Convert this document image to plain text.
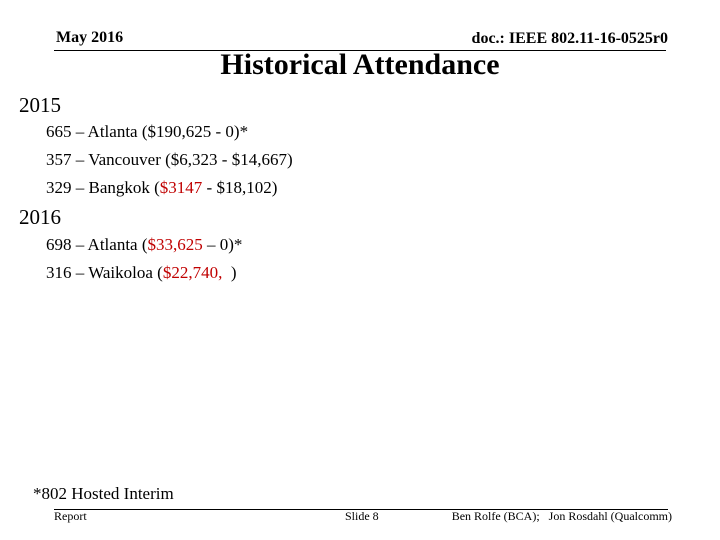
May 2016	doc.: IEEE 802.11-16-0525r0
Historical Attendance
2015
665 – Atlanta ($190,625 - 0)*
357 – Vancouver ($6,323 - $14,667)
329 – Bangkok ($3147 - $18,102)
2016
698 – Atlanta ($33,625 – 0)*
316 – Waikoloa ($22,740,  )
*802 Hosted Interim
Report	Slide 8	Ben Rolfe (BCA);   Jon Rosdahl (Qualcomm)
